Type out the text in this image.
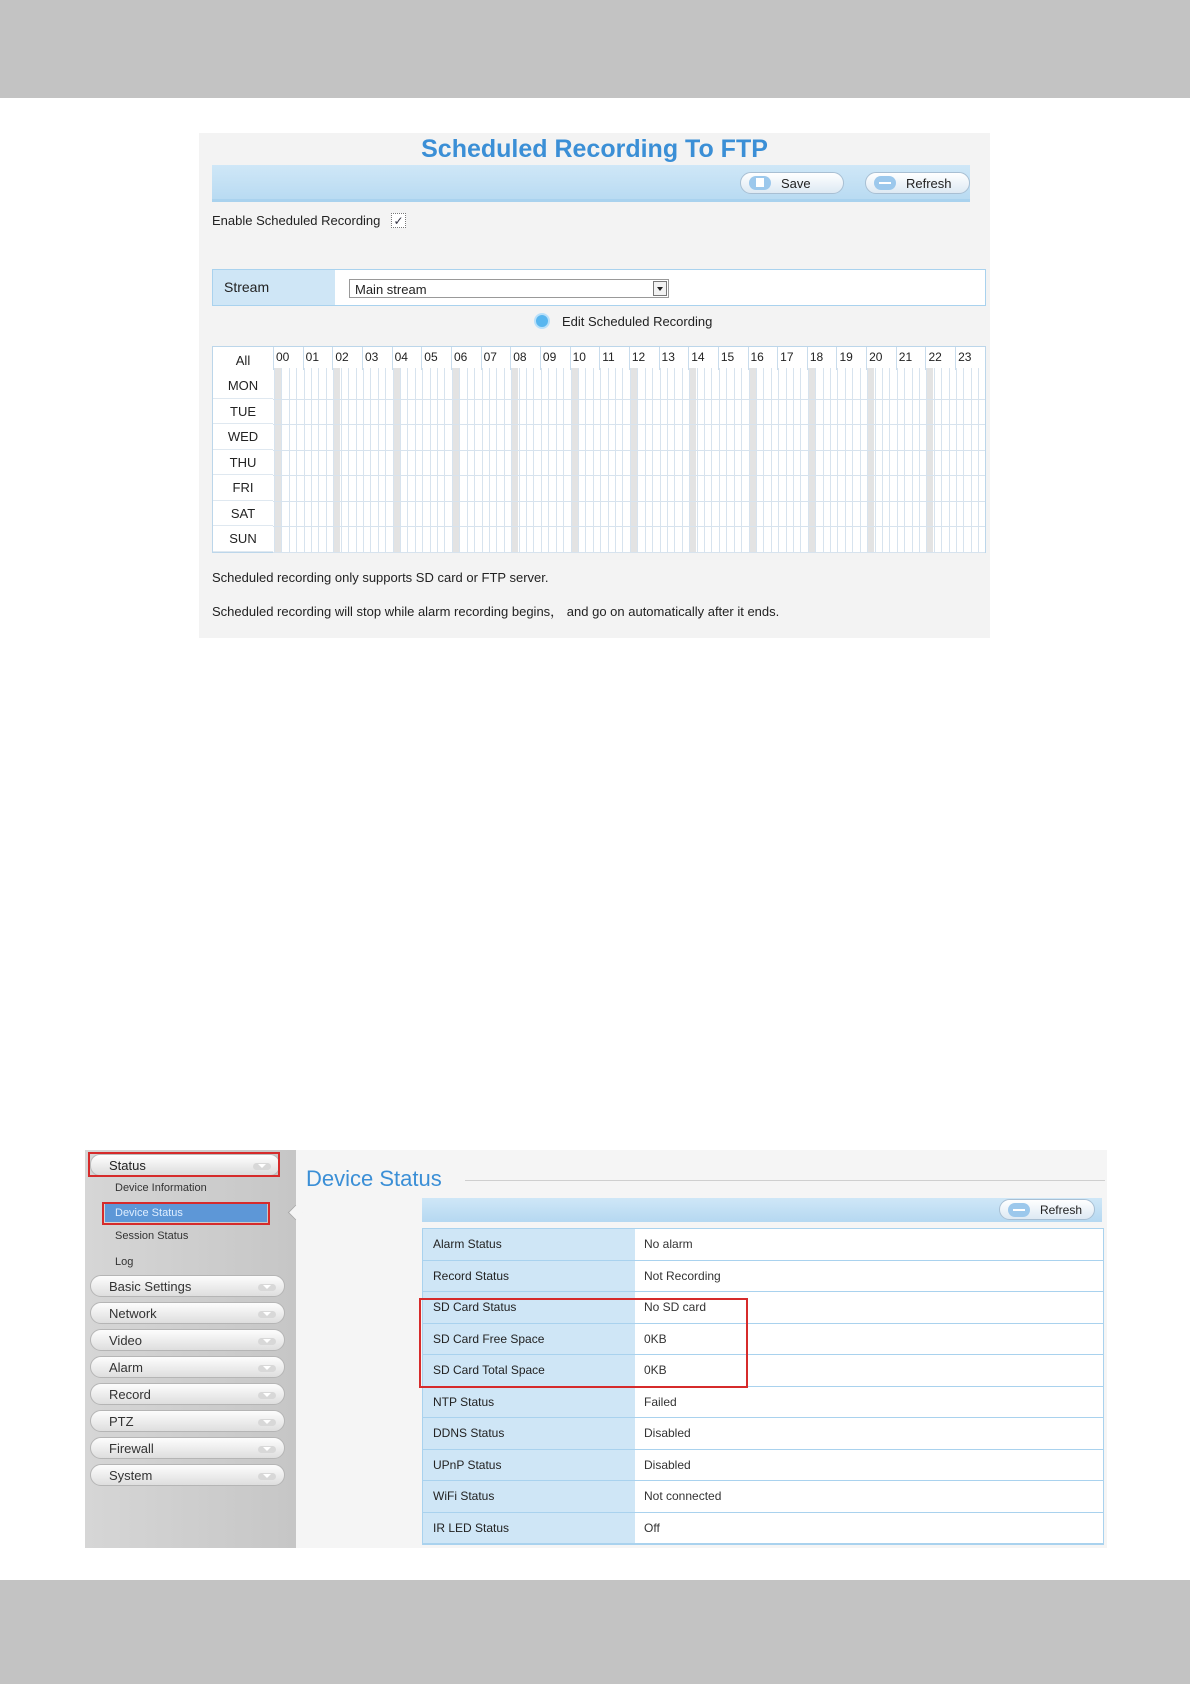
Scheduled Recording To FTP
Save	Refresh
Enable Scheduled Recording ✓
Stream	Main stream
Edit Scheduled Recording
All	00 01 02 03 04 05 06 07 08 09 10 11 12 13 14 15 16 17 18 19 20 21 22 23
MON
TUE
WED
THU
FRI
SAT
SUN
Scheduled recording only supports SD card or FTP server.
Scheduled recording will stop while alarm recording begins， and go on automatically after it ends.
Status
Device Information
Device Status
Session Status
Log
Basic Settings
Network
Video
Alarm
Record
PTZ
Firewall
System
Device Status
Refresh
Alarm Status	No alarm
Record Status	Not Recording
SD Card Status	No SD card
SD Card Free Space	0KB
SD Card Total Space	0KB
NTP Status	Failed
DDNS Status	Disabled
UPnP Status	Disabled
WiFi Status	Not connected
IR LED Status	Off
